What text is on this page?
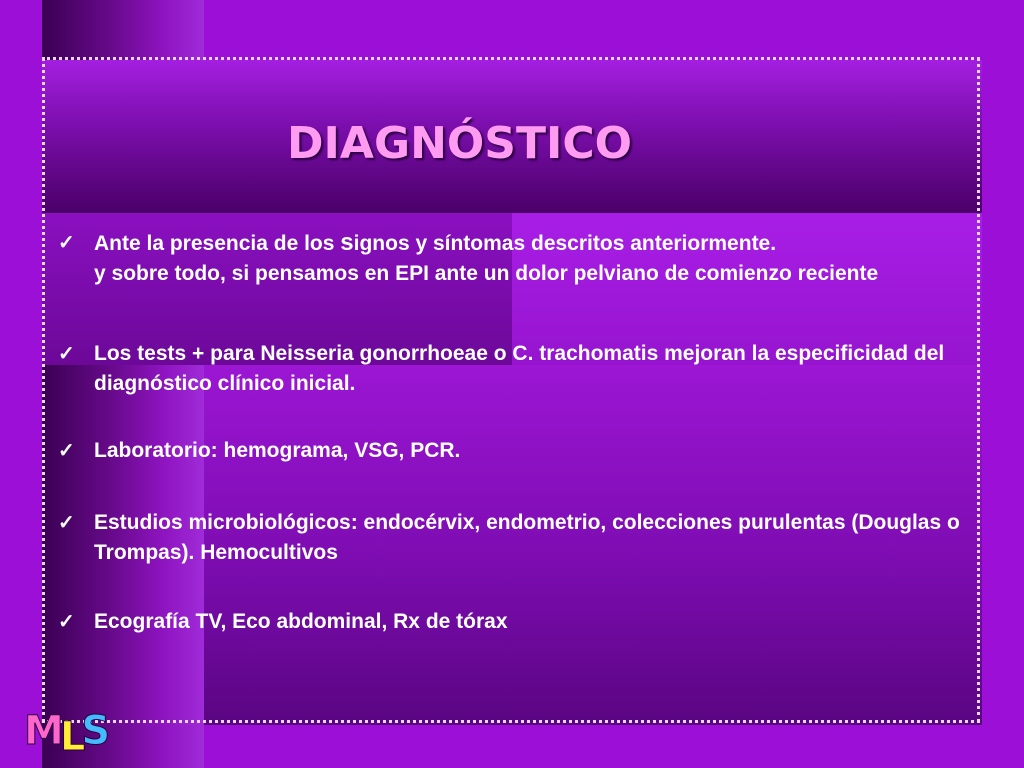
DIAGNÓSTICO
✓ Ante la presencia de los signos y síntomas descritos anteriormente.
y sobre todo, si pensamos en EPI ante un dolor pelviano de comienzo reciente
✓ Los tests + para Neisseria gonorrhoeae o C. trachomatis mejoran la especificidad del diagnóstico clínico inicial.
✓ Laboratorio: hemograma, VSG, PCR.
✓ Estudios microbiológicos: endocérvix, endometrio, colecciones purulentas (Douglas o Trompas). Hemocultivos
✓ Ecografía TV, Eco abdominal, Rx de tórax
MLS
